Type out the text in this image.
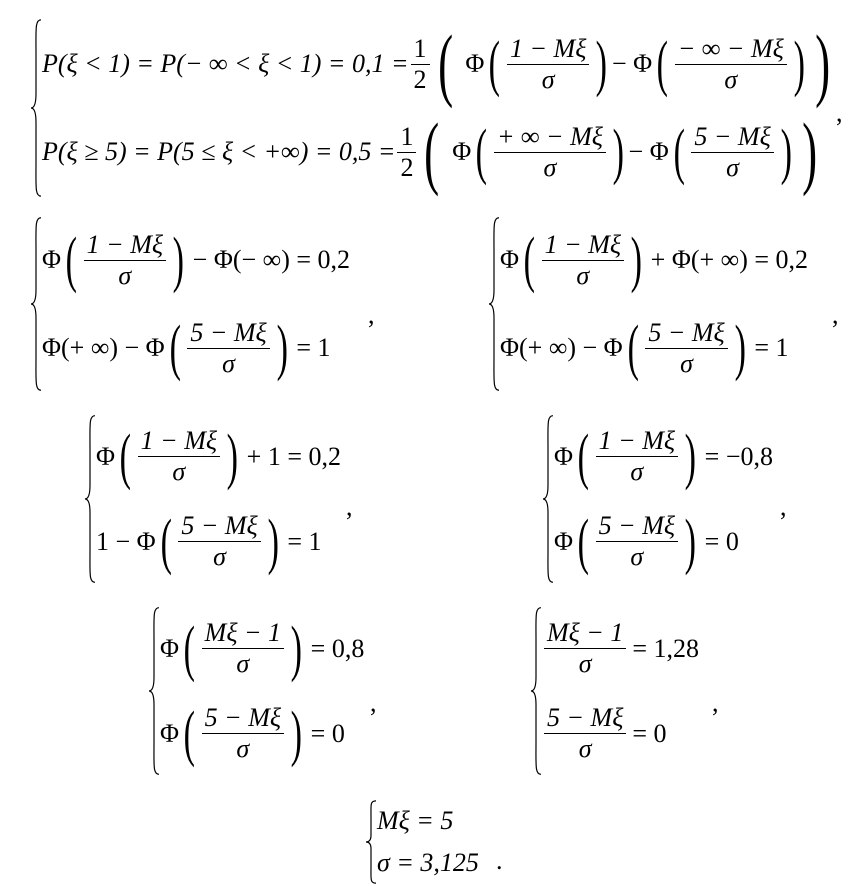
P(ξ < 1) = P(− ∞ < $\xi < 1) = 0,1 = \frac{1}{2}$ ( Φ ( $\frac{1 - M\xi}{\sigma}$ ) − Φ ( $\frac{- \infty - M\xi}{\sigma}$ ) )
P(ξ ≥ 5) = P(5 ≤ ξ < +∞) = $0,5 = \frac{1}{2}$ ( Φ ( $\frac{+ \infty - M\xi}{\sigma}$ ) − Φ ( $\frac{5 - M\xi}{\sigma}$ ) ) ,
Φ ( $\frac{1 - M\xi}{\sigma}$ ) − Φ(− ∞) = 0,2
Φ(+ ∞) − Φ ( $\frac{5 - M\xi}{\sigma}$ ) = 1
,
Φ ( $\frac{1 - M\xi}{\sigma}$ ) + Φ(+ ∞) = 0,2
Φ(+ ∞) − Φ ( $\frac{5 - M\xi}{\sigma}$ ) = 1
,
Φ ( $\frac{1 - M\xi}{\sigma}$ ) + 1 = 0,2
1 − Φ ( $\frac{5 - M\xi}{\sigma}$ ) = 1
,
Φ ( $\frac{1 - M\xi}{\sigma}$ ) = −0,8
Φ ( $\frac{5 - M\xi}{\sigma}$ ) = 0
,
Φ ( $\frac{M\xi - 1}{\sigma}$ ) = 0,8
Φ ( $\frac{5 - M\xi}{\sigma}$ ) = 0
,
$\frac{M\xi - 1}{\sigma} = 1,28$
$\frac{5 - M\xi}{\sigma} = 0$
,
Mξ = 5
σ = 3,125 .
